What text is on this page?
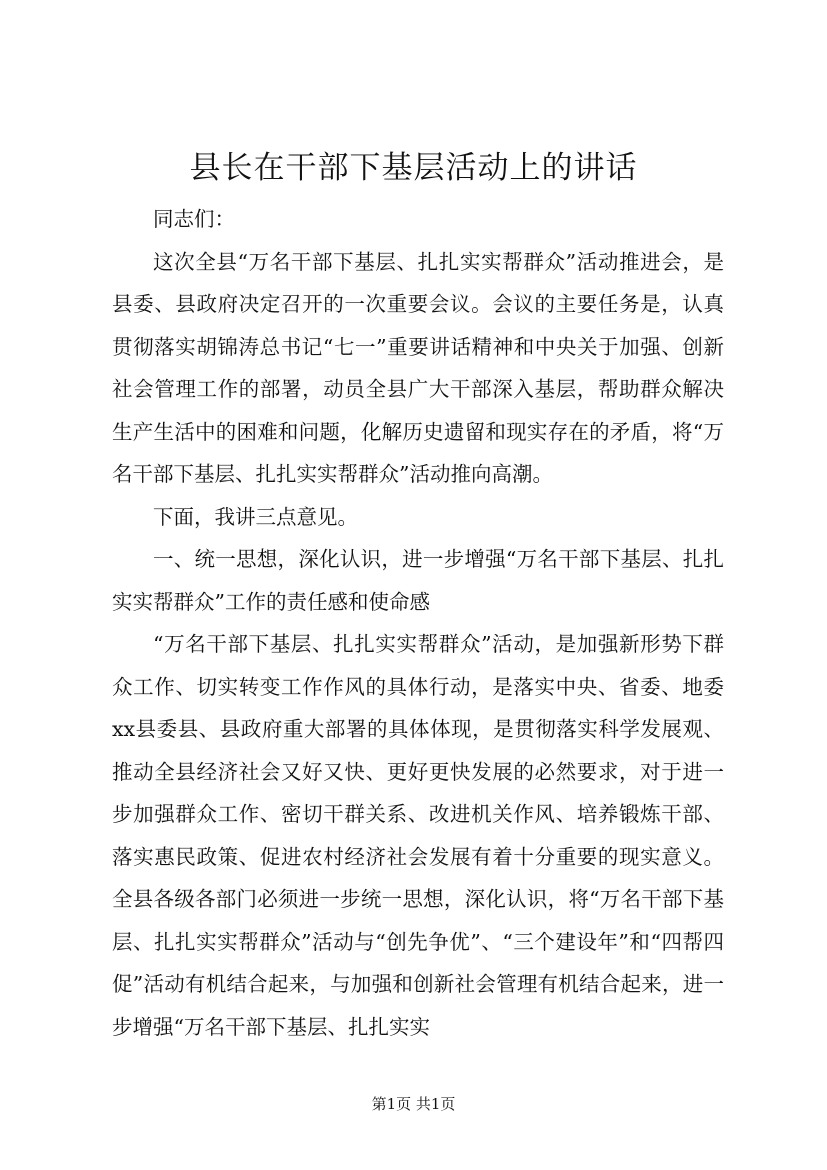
县长在干部下基层活动上的讲话

同志们：

这次全县“万名干部下基层、扎扎实实帮群众”活动推进会，是县委、县政府决定召开的一次重要会议。会议的主要任务是，认真贯彻落实胡锦涛总书记“七一”重要讲话精神和中央关于加强、创新社会管理工作的部署，动员全县广大干部深入基层，帮助群众解决生产生活中的困难和问题，化解历史遗留和现实存在的矛盾，将“万名干部下基层、扎扎实实帮群众”活动推向高潮。

下面，我讲三点意见。

一、统一思想，深化认识，进一步增强“万名干部下基层、扎扎实实帮群众”工作的责任感和使命感

“万名干部下基层、扎扎实实帮群众”活动，是加强新形势下群众工作、切实转变工作作风的具体行动，是落实中央、省委、地委xx县委县、县政府重大部署的具体体现，是贯彻落实科学发展观、推动全县经济社会又好又快、更好更快发展的必然要求，对于进一步加强群众工作、密切干群关系、改进机关作风、培养锻炼干部、落实惠民政策、促进农村经济社会发展有着十分重要的现实意义。全县各级各部门必须进一步统一思想，深化认识，将“万名干部下基层、扎扎实实帮群众”活动与“创先争优”、“三个建设年”和“四帮四促”活动有机结合起来，与加强和创新社会管理有机结合起来，进一步增强“万名干部下基层、扎扎实实

第1页 共1页
